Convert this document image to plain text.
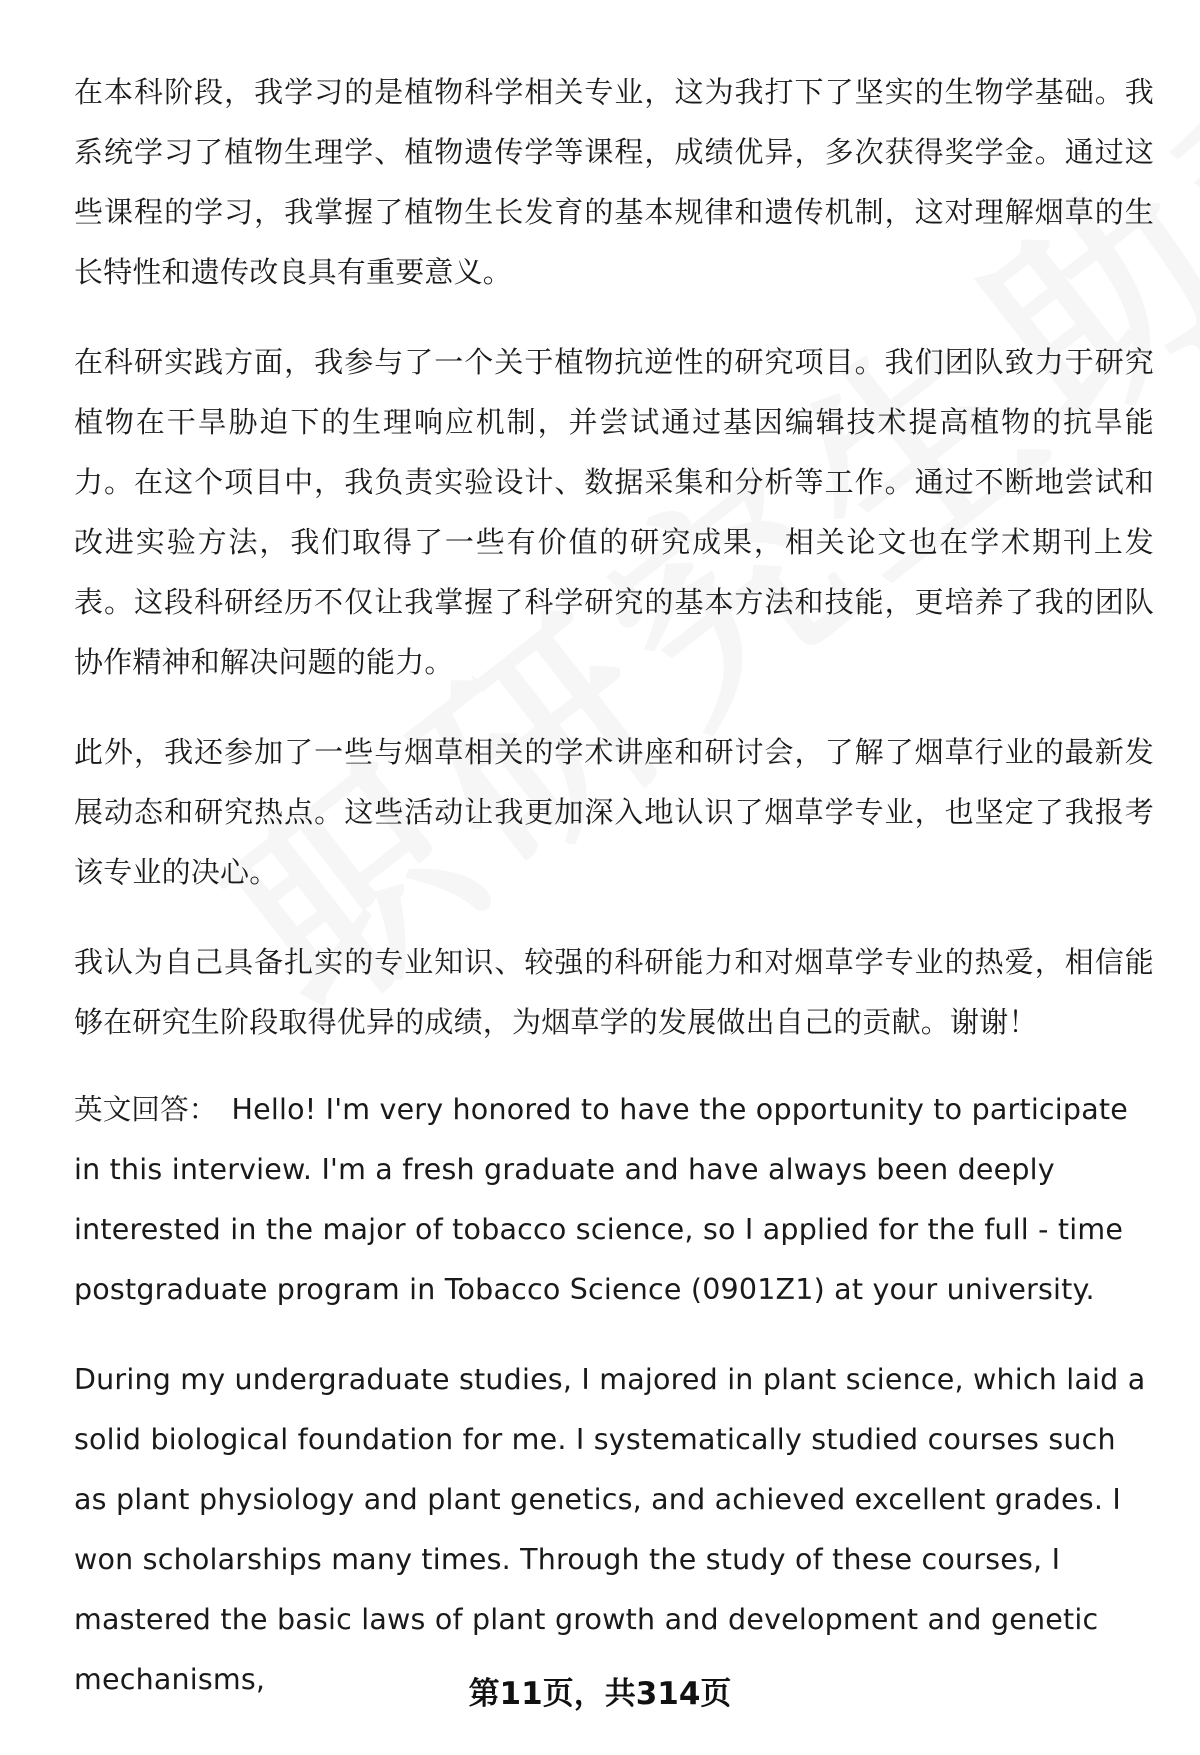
在本科阶段，我学习的是植物科学相关专业，这为我打下了坚实的生物学基础。我系统学习了植物生理学、植物遗传学等课程，成绩优异，多次获得奖学金。通过这些课程的学习，我掌握了植物生长发育的基本规律和遗传机制，这对理解烟草的生长特性和遗传改良具有重要意义。

在科研实践方面，我参与了一个关于植物抗逆性的研究项目。我们团队致力于研究植物在干旱胁迫下的生理响应机制，并尝试通过基因编辑技术提高植物的抗旱能力。在这个项目中，我负责实验设计、数据采集和分析等工作。通过不断地尝试和改进实验方法，我们取得了一些有价值的研究成果，相关论文也在学术期刊上发表。这段科研经历不仅让我掌握了科学研究的基本方法和技能，更培养了我的团队协作精神和解决问题的能力。

此外，我还参加了一些与烟草相关的学术讲座和研讨会，了解了烟草行业的最新发展动态和研究热点。这些活动让我更加深入地认识了烟草学专业，也坚定了我报考该专业的决心。

我认为自己具备扎实的专业知识、较强的科研能力和对烟草学专业的热爱，相信能够在研究生阶段取得优异的成绩，为烟草学的发展做出自己的贡献。谢谢！

英文回答： Hello! I'm very honored to have the opportunity to participate in this interview. I'm a fresh graduate and have always been deeply interested in the major of tobacco science, so I applied for the full - time postgraduate program in Tobacco Science (0901Z1) at your university.

During my undergraduate studies, I majored in plant science, which laid a solid biological foundation for me. I systematically studied courses such as plant physiology and plant genetics, and achieved excellent grades. I won scholarships many times. Through the study of these courses, I mastered the basic laws of plant growth and development and genetic mechanisms,	第11页，共314页
